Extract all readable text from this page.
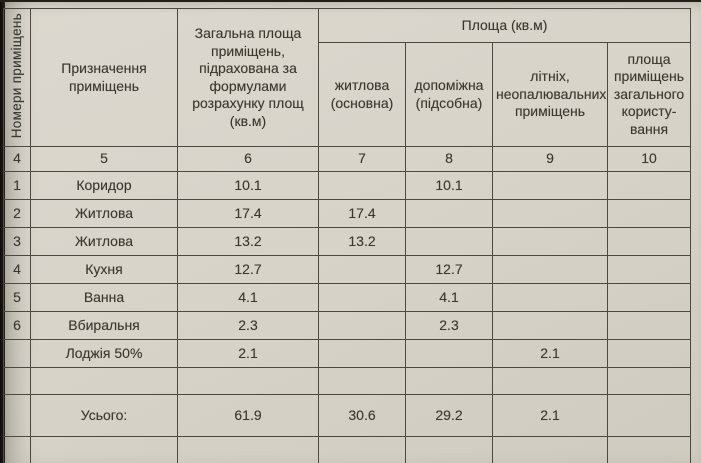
Номери приміщень	Призначення приміщень	Загальна площа приміщень, підрахована за формулами розрахунку площ (кв.м)	Площа (кв.м)			
			житлова (основна)	допоміжна (підсобна)	літніх, неопалювальних приміщень	площа приміщень загального користу- вання
4	5	6	7	8	9	10
1	Коридор	10.1		10.1		
2	Житлова	17.4	17.4			
3	Житлова	13.2	13.2			
4	Кухня	12.7		12.7		
5	Ванна	4.1		4.1		
6	Вбиральня	2.3		2.3		
	Лоджія 50%	2.1			2.1	

	Усього:	61.9	30.6	29.2	2.1	
